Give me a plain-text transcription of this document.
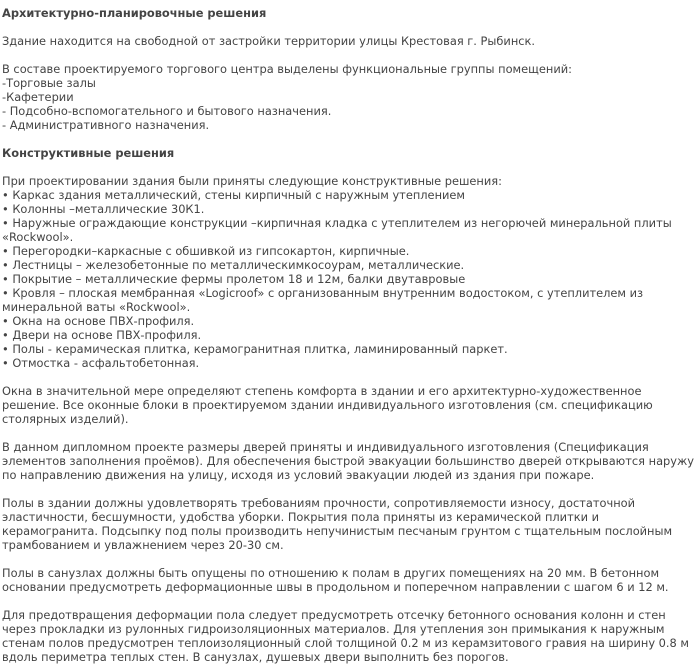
Архитектурно-планировочные решения

Здание находится на свободной от застройки территории улицы Крестовая г. Рыбинск.

В составе проектируемого торгового центра выделены функциональные группы помещений:
-Торговые залы
-Кафетерии
- Подсобно-вспомогательного и бытового назначения.
- Административного назначения.

Конструктивные решения

При проектировании здания были приняты следующие конструктивные решения:
• Каркас здания металлический, стены кирпичный с наружным утеплением
• Колонны –металлические 30К1.
• Наружные ограждающие конструкции –кирпичная кладка с утеплителем из негорючей минеральной плиты «Rockwool».
• Перегородки–каркасные с обшивкой из гипсокартон, кирпичные.
• Лестницы – железобетонные по металлическимкосоурам, металлические.
• Покрытие – металлические фермы пролетом 18 и 12м, балки двутавровые
• Кровля – плоская мембранная «Logicroof» с организованным внутренним водостоком, с утеплителем из минеральной ваты «Rockwool».
• Окна на основе ПВХ-профиля.
• Двери на основе ПВХ-профиля.
• Полы - керамическая плитка, керамогранитная плитка, ламинированный паркет.
• Отмостка - асфальтобетонная.

Окна в значительной мере определяют степень комфорта в здании и его архитектурно-художественное решение. Все оконные блоки в проектируемом здании индивидуального изготовления (см. спецификацию столярных изделий).

В данном дипломном проекте размеры дверей приняты и индивидуального изготовления (Спецификация элементов заполнения проёмов). Для обеспечения быстрой эвакуации большинство дверей открываются наружу по направлению движения на улицу, исходя из условий эвакуации людей из здания при пожаре.

Полы в здании должны удовлетворять требованиям прочности, сопротивляемости износу, достаточной эластичности, бесшумности, удобства уборки. Покрытия пола приняты из керамической плитки и керамогранита. Подсыпку под полы производить непучинистым песчаным грунтом с тщательным послойным трамбованием и увлажнением через 20-30 см.

Полы в санузлах должны быть опущены по отношению к полам в других помещениях на 20 мм. В бетонном основании предусмотреть деформационные швы в продольном и поперечном направлении с шагом 6 и 12 м.

Для предотвращения деформации пола следует предусмотреть отсечку бетонного основания колонн и стен через прокладки из рулонных гидроизоляционных материалов. Для утепления зон примыкания к наружным стенам полов предусмотрен теплоизоляционный слой толщиной 0.2 м из керамзитового гравия на ширину 0.8 м вдоль периметра теплых стен. В санузлах, душевых двери выполнить без порогов.
